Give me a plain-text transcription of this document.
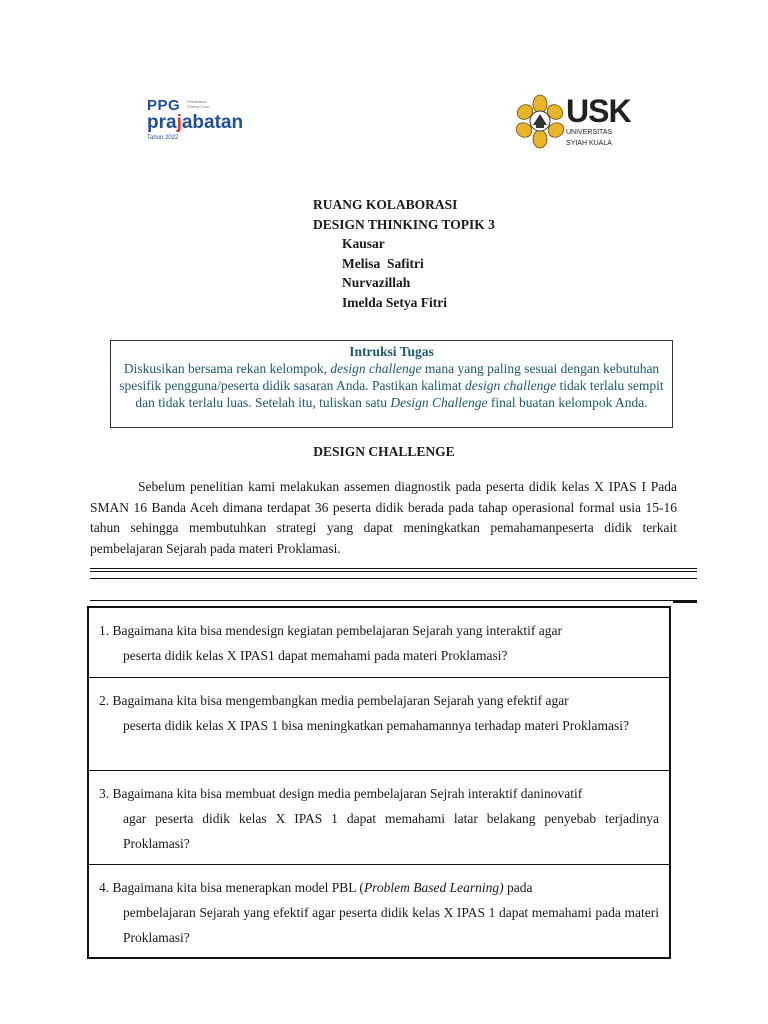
PPG	Pendidikan Profesi Guru
prajabatan
Tahun 2022
USK
UNIVERSITAS
SYIAH KUALA
RUANG KOLABORASI
DESIGN THINKING TOPIK 3
Kausar
Melisa  Safitri
Nurvazillah
Imelda Setya Fitri
Intruksi Tugas
Diskusikan bersama rekan kelompok, design challenge mana yang paling sesuai dengan kebutuhan spesifik pengguna/peserta didik sasaran Anda. Pastikan kalimat design challenge tidak terlalu sempit dan tidak terlalu luas. Setelah itu, tuliskan satu Design Challenge final buatan kelompok Anda.
DESIGN CHALLENGE

Sebelum penelitian kami melakukan assemen diagnostik pada peserta didik kelas X IPAS I Pada SMAN 16 Banda Aceh dimana terdapat 36 peserta didik berada pada tahap operasional formal usia 15-16 tahun sehingga membutuhkan strategi yang dapat meningkatkan pemahamanpeserta didik terkait pembelajaran Sejarah pada materi Proklamasi.

1. Bagaimana kita bisa mendesign kegiatan pembelajaran Sejarah yang interaktif agar
peserta didik kelas X IPAS1 dapat memahami pada materi Proklamasi?
2. Bagaimana kita bisa mengembangkan media pembelajaran Sejarah yang efektif agar
peserta didik kelas X IPAS 1 bisa meningkatkan pemahamannya terhadap materi Proklamasi?
3. Bagaimana kita bisa membuat design media pembelajaran Sejrah interaktif daninovatif
agar peserta didik kelas X IPAS 1 dapat memahami latar belakang penyebab terjadinya Proklamasi?
4. Bagaimana kita bisa menerapkan model PBL (Problem Based Learning) pada
pembelajaran Sejarah yang efektif agar peserta didik kelas X IPAS 1 dapat memahami pada materi Proklamasi?
